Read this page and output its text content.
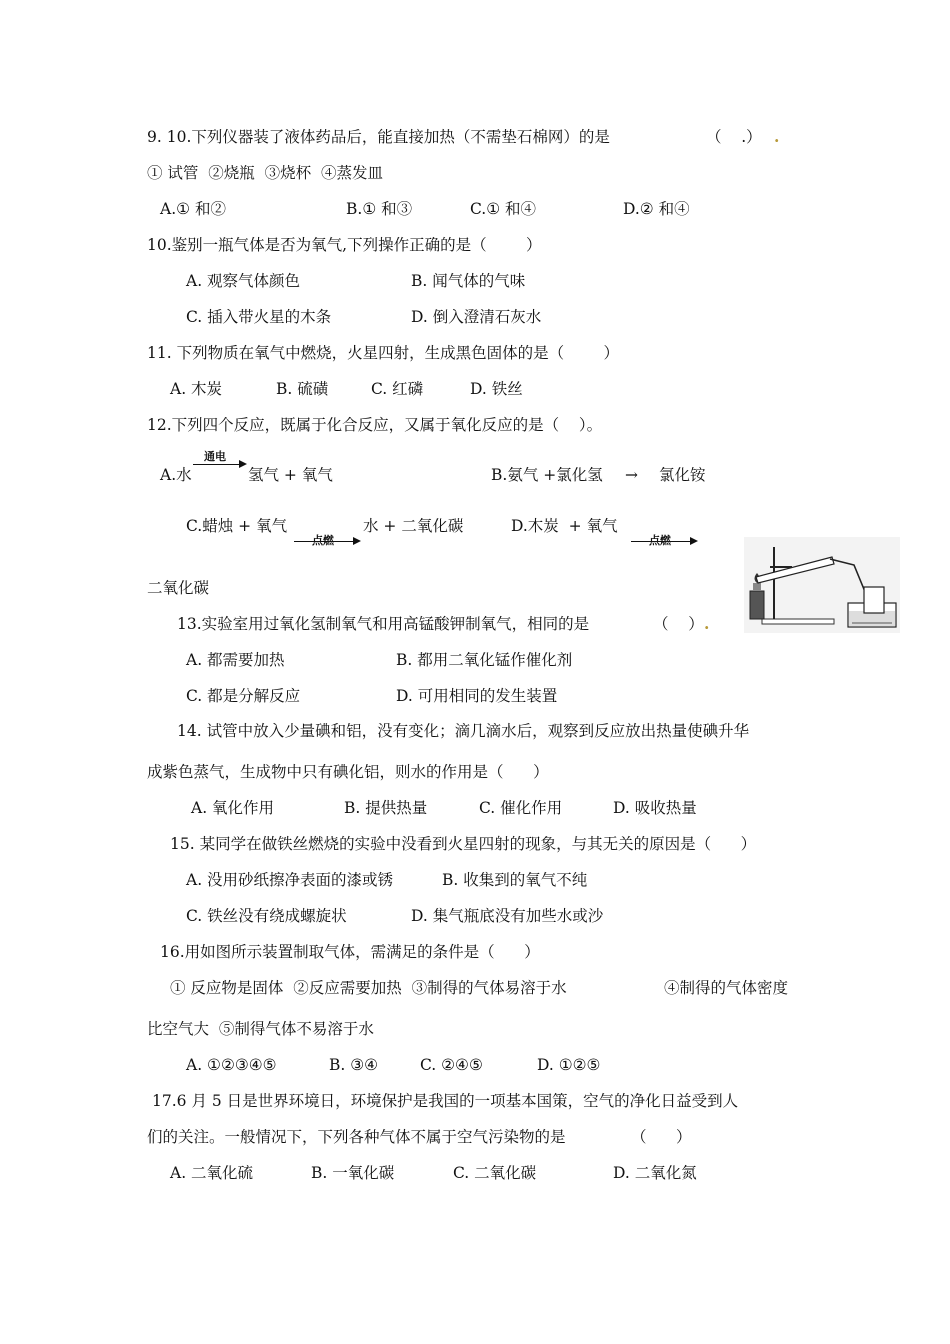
9. 10.下列仪器装了液体药品后，能直接加热（不需垫石棉网）的是	（    .） .
① 试管  ②烧瓶  ③烧杯  ④蒸发皿
A.① 和②	B.① 和③	C.① 和④	D.② 和④
10.鉴别一瓶气体是否为氧气,下列操作正确的是（        ）
A. 观察气体颜色	B. 闻气体的气味
C. 插入带火星的木条	D. 倒入澄清石灰水
11. 下列物质在氧气中燃烧，火星四射，生成黑色固体的是（        ）
A. 木炭	B. 硫磺	C. 红磷	D. 铁丝
12.下列四个反应，既属于化合反应，又属于氧化反应的是（    ）。
A.水
通电
氢气 + 氧气	B.氨气 +氯化氢 → 氯化铵
C.蜡烛 + 氧气
点燃
水 + 二氧化碳	D.木炭  + 氧气
点燃
二氧化碳
13.实验室用过氧化氢制氧气和用高锰酸钾制氧气，相同的是	（    ） .
A. 都需要加热	B. 都用二氧化锰作催化剂
C. 都是分解反应	D. 可用相同的发生装置
14. 试管中放入少量碘和铝，没有变化；滴几滴水后，观察到反应放出热量使碘升华
成紫色蒸气，生成物中只有碘化铝，则水的作用是（      ）
A. 氧化作用	B. 提供热量	C. 催化作用	D. 吸收热量
15. 某同学在做铁丝燃烧的实验中没看到火星四射的现象，与其无关的原因是（      ）
A. 没用砂纸擦净表面的漆或锈	B. 收集到的氧气不纯
C. 铁丝没有绕成螺旋状	D. 集气瓶底没有加些水或沙
16.用如图所示装置制取气体，需满足的条件是（      ）
① 反应物是固体  ②反应需要加热  ③制得的气体易溶于水	④制得的气体密度
比空气大  ⑤制得气体不易溶于水
A. ①②③④⑤	B. ③④	C. ②④⑤	D. ①②⑤
17.6 月 5 日是世界环境日，环境保护是我国的一项基本国策，空气的净化日益受到人
们的关注。一般情况下，下列各种气体不属于空气污染物的是	（      ）
A. 二氧化硫	B. 一氧化碳	C. 二氧化碳	D. 二氧化氮
